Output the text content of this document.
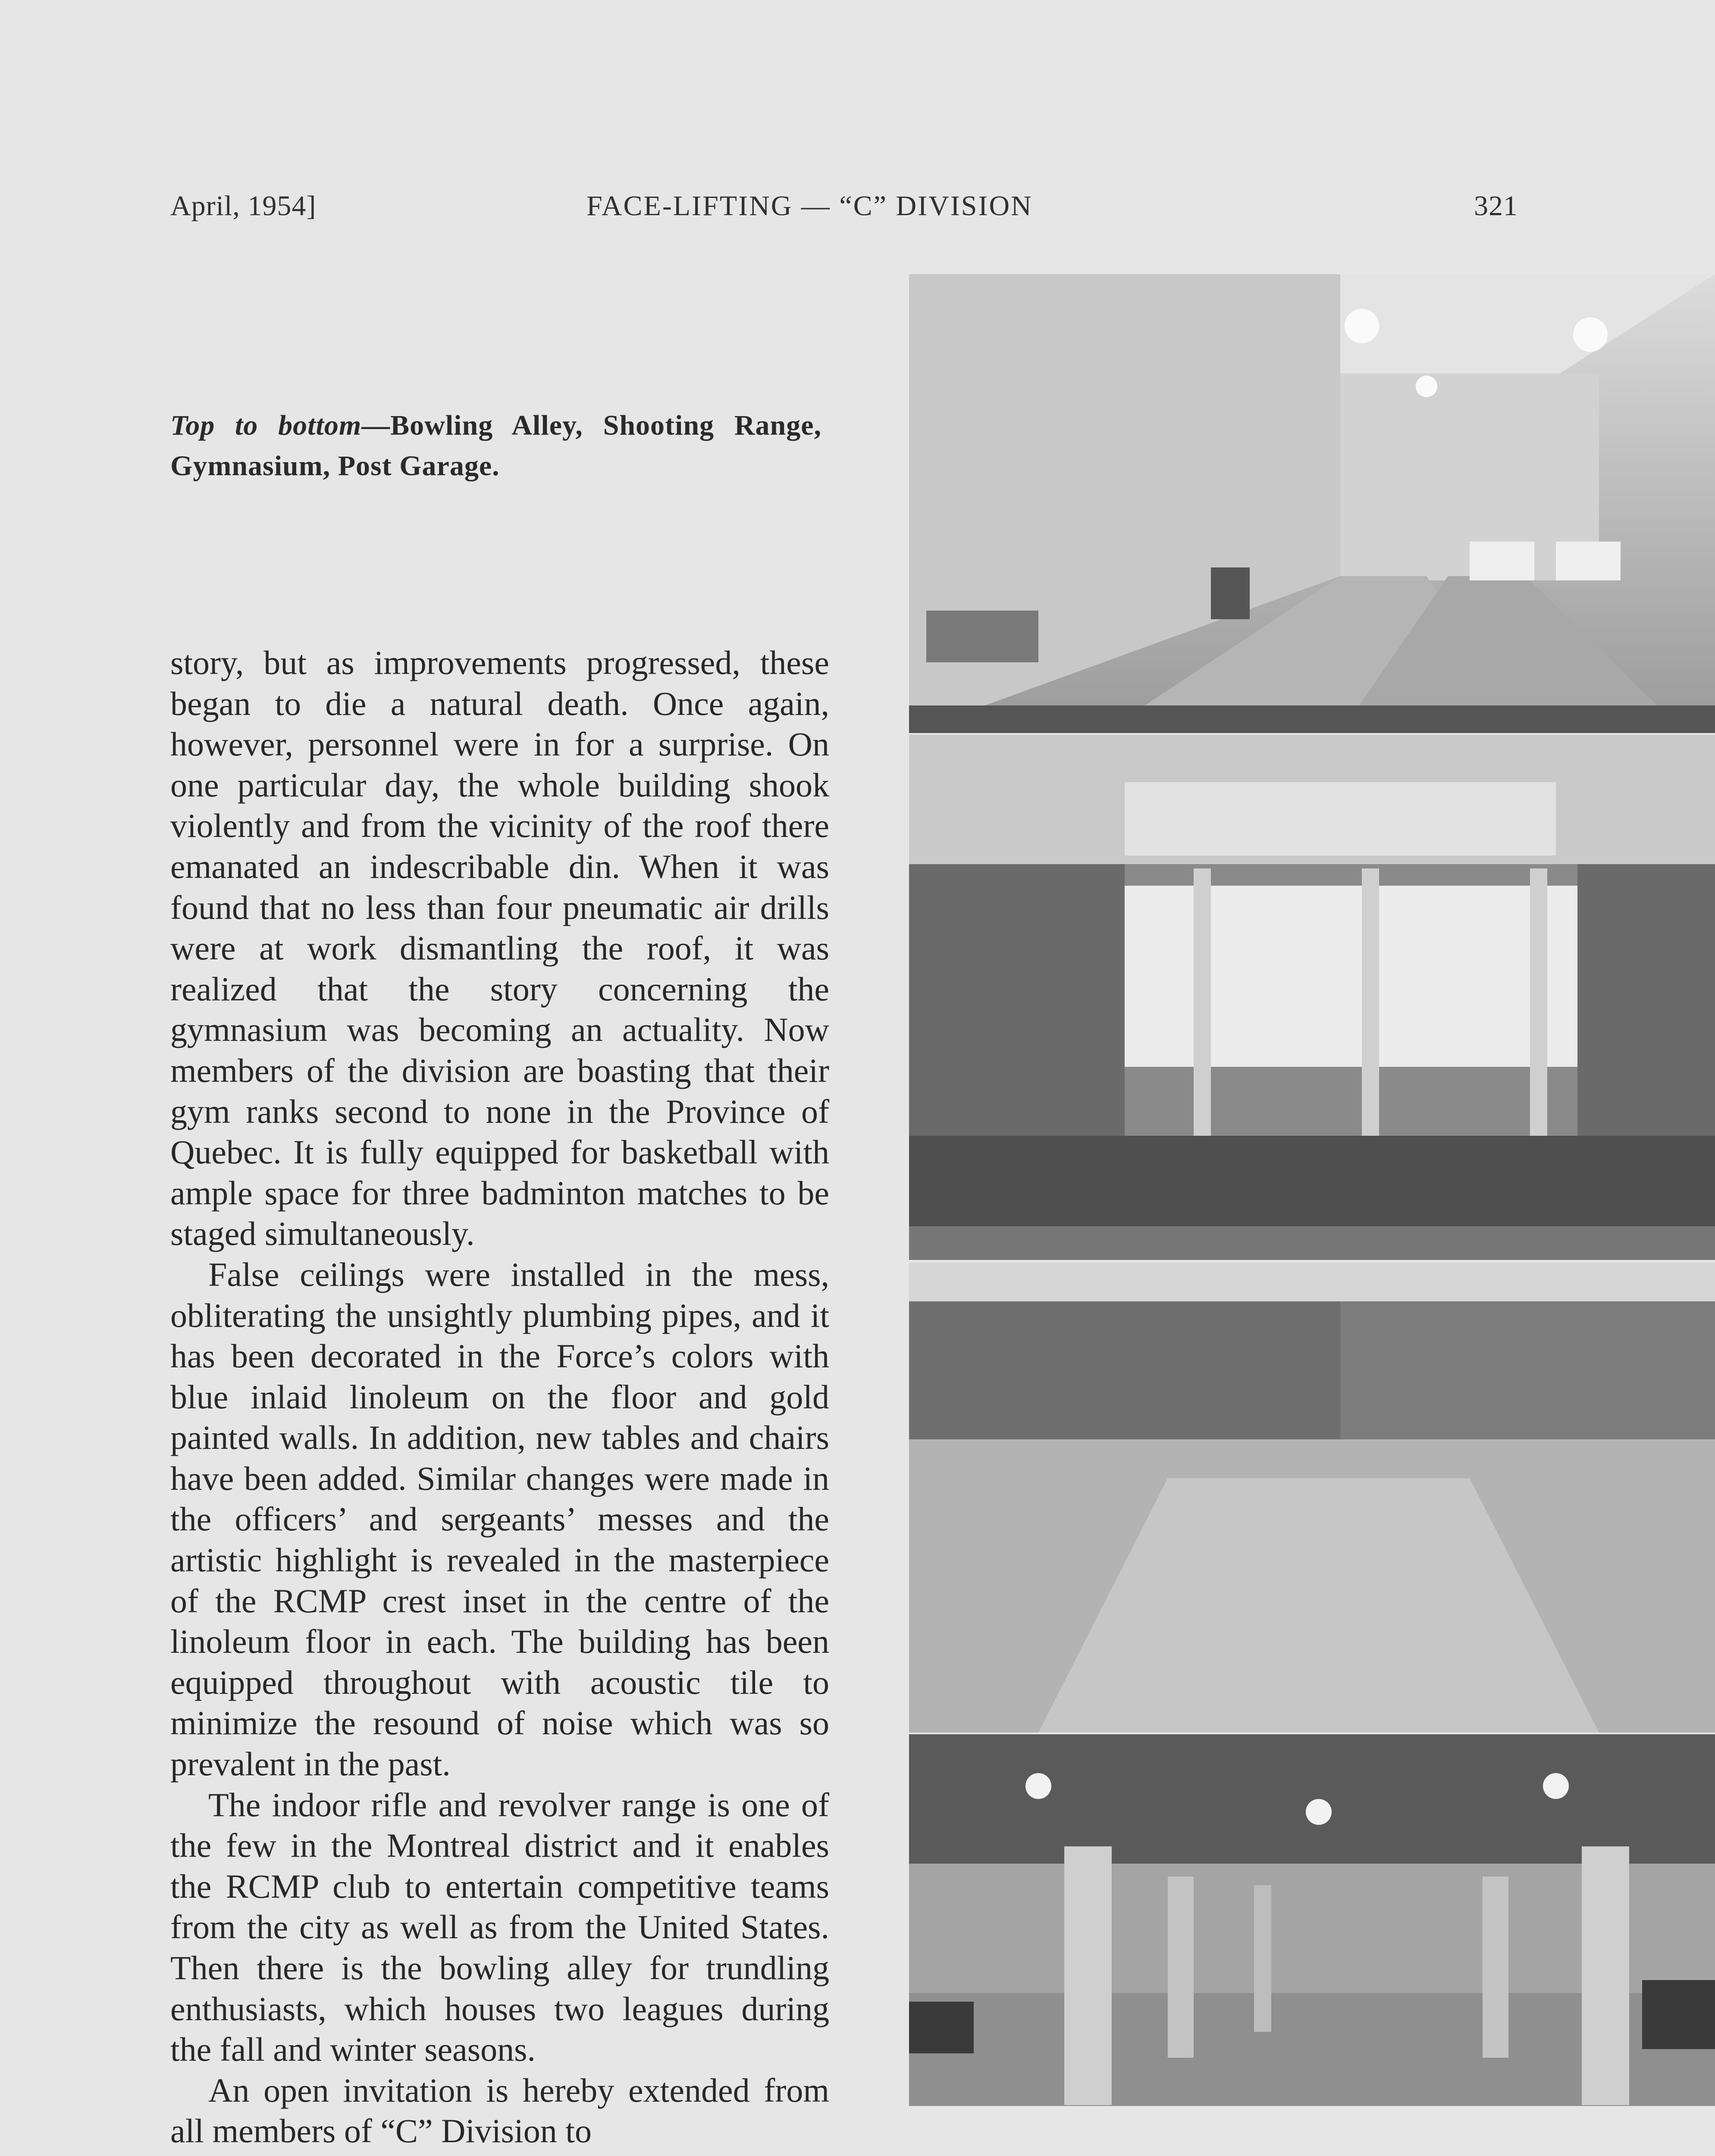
April, 1954]	FACE-LIFTING — “C” DIVISION	321
Top to bottom—Bowling Alley, Shooting Range, Gymnasium, Post Garage.

story, but as improvements progressed, these began to die a natural death. Once again, however, personnel were in for a surprise. On one particular day, the whole building shook violently and from the vicinity of the roof there emanated an indescribable din. When it was found that no less than four pneumatic air drills were at work dismantling the roof, it was realized that the story concerning the gymnasium was becoming an actuality. Now members of the division are boasting that their gym ranks second to none in the Province of Quebec. It is fully equipped for basketball with ample space for three badminton matches to be staged simultaneously.

False ceilings were installed in the mess, obliterating the unsightly plumbing pipes, and it has been decorated in the Force’s colors with blue inlaid linoleum on the floor and gold painted walls. In addition, new tables and chairs have been added. Similar changes were made in the officers’ and sergeants’ messes and the artistic highlight is revealed in the masterpiece of the RCMP crest inset in the centre of the linoleum floor in each. The building has been equipped throughout with acoustic tile to minimize the resound of noise which was so prevalent in the past.

The indoor rifle and revolver range is one of the few in the Montreal district and it enables the RCMP club to entertain competitive teams from the city as well as from the United States. Then there is the bowling alley for trundling enthusiasts, which houses two leagues during the fall and winter seasons.

An open invitation is hereby extended from all members of “C” Division to
